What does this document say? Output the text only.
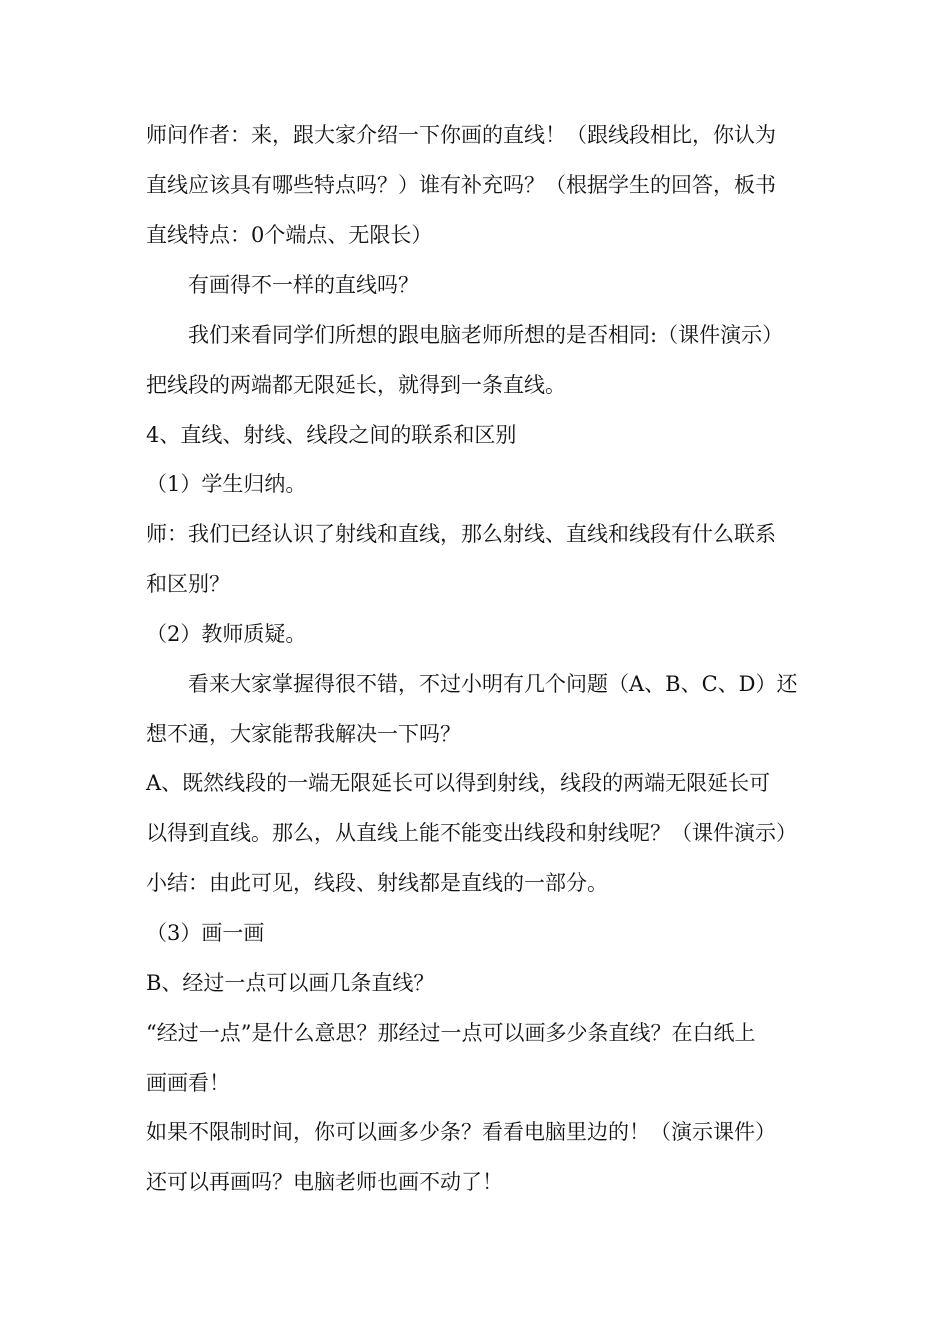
师问作者：来，跟大家介绍一下你画的直线！（跟线段相比，你认为
直线应该具有哪些特点吗？）谁有补充吗？（根据学生的回答，板书
直线特点：0个端点、无限长）
有画得不一样的直线吗？
我们来看同学们所想的跟电脑老师所想的是否相同:（课件演示）
把线段的两端都无限延长，就得到一条直线。
4、直线、射线、线段之间的联系和区别
（1）学生归纳。
师：我们已经认识了射线和直线，那么射线、直线和线段有什么联系
和区别？
（2）教师质疑。
看来大家掌握得很不错，不过小明有几个问题（A、B、C、D）还
想不通，大家能帮我解决一下吗？
A、既然线段的一端无限延长可以得到射线，线段的两端无限延长可
以得到直线。那么，从直线上能不能变出线段和射线呢？（课件演示）
小结：由此可见，线段、射线都是直线的一部分。
（3）画一画
B、经过一点可以画几条直线？
“经过一点”是什么意思？那经过一点可以画多少条直线？在白纸上
画画看！
如果不限制时间，你可以画多少条？看看电脑里边的！（演示课件）
还可以再画吗？电脑老师也画不动了！
